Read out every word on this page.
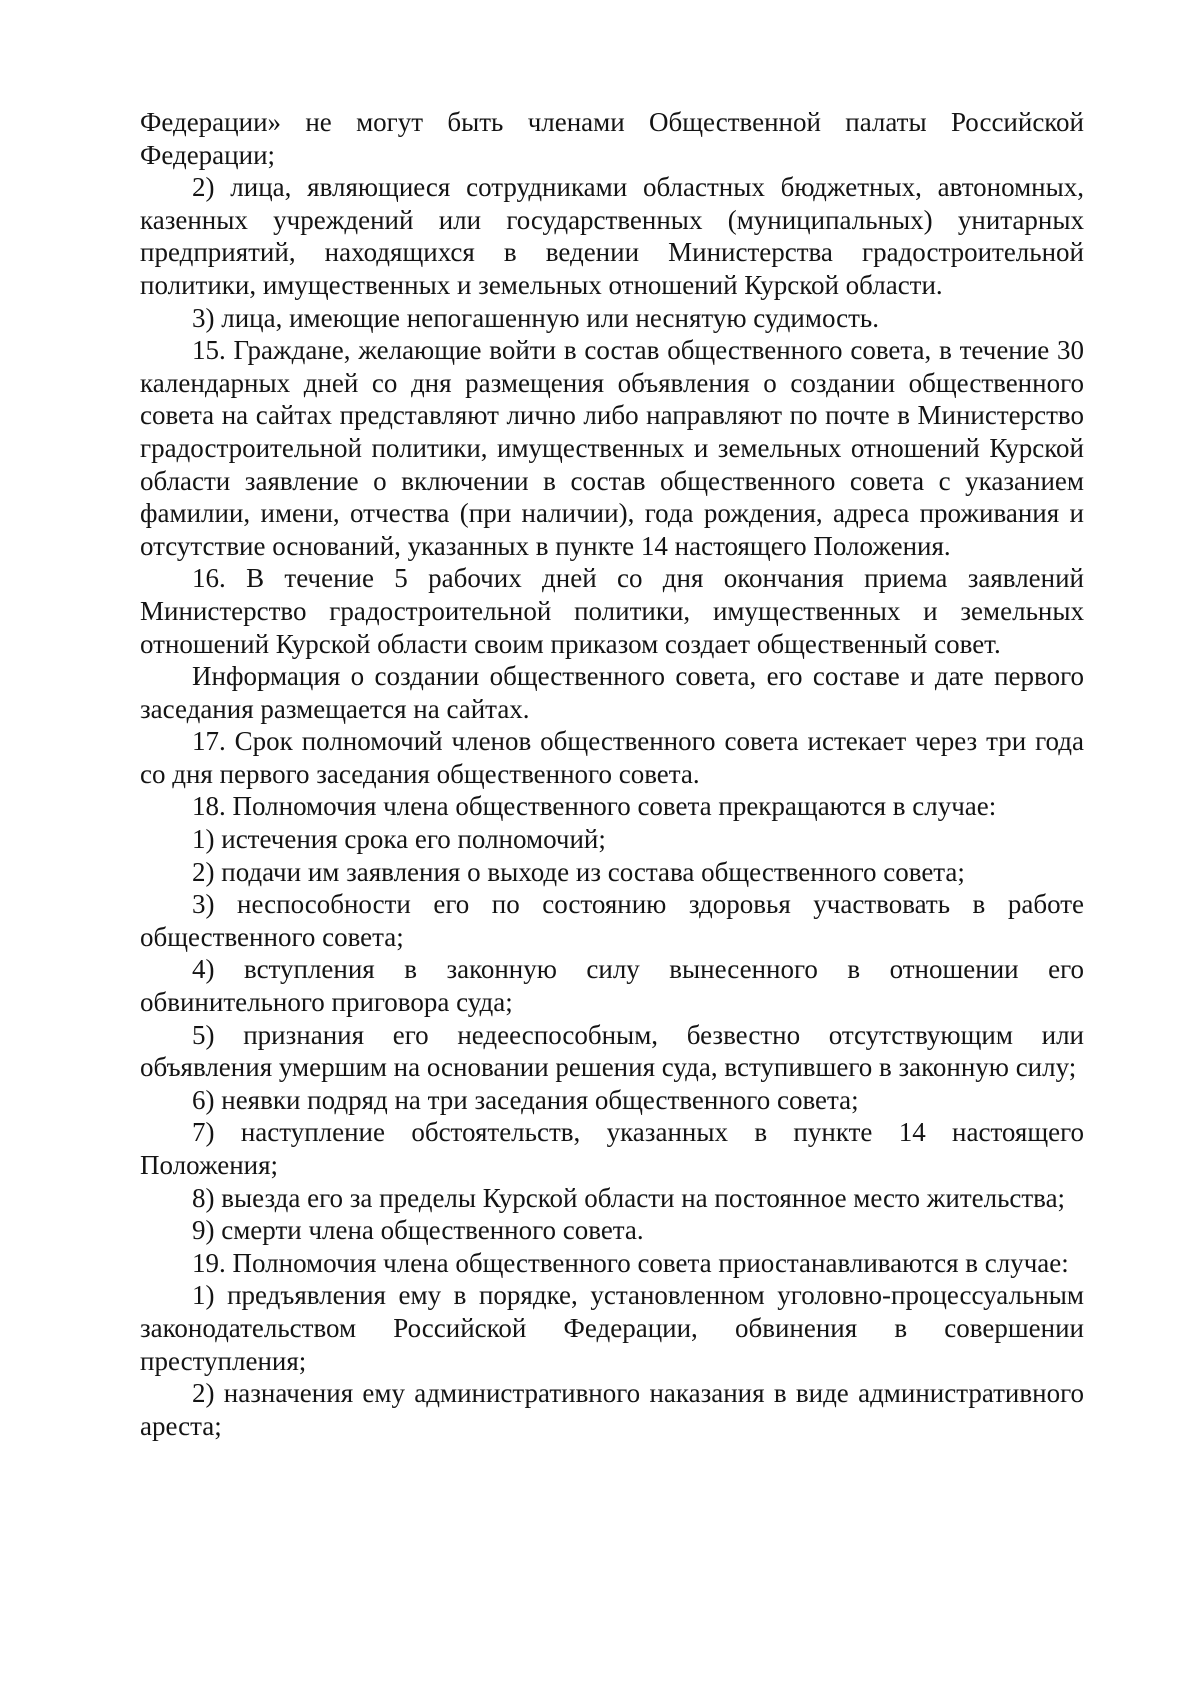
Федерации» не могут быть членами Общественной палаты Российской Федерации;

2) лица, являющиеся сотрудниками областных бюджетных, автономных, казенных учреждений или государственных (муниципальных) унитарных предприятий, находящихся в ведении Министерства градостроительной политики, имущественных и земельных отношений Курской области.

3) лица, имеющие непогашенную или неснятую судимость.

15. Граждане, желающие войти в состав общественного совета, в течение 30 календарных дней со дня размещения объявления о создании общественного совета на сайтах представляют лично либо направляют по почте в Министерство градостроительной политики, имущественных и земельных отношений Курской области заявление о включении в состав общественного совета с указанием фамилии, имени, отчества (при наличии), года рождения, адреса проживания и отсутствие оснований, указанных в пункте 14 настоящего Положения.

16. В течение 5 рабочих дней со дня окончания приема заявлений Министерство градостроительной политики, имущественных и земельных отношений Курской области своим приказом создает общественный совет.

Информация о создании общественного совета, его составе и дате первого заседания размещается на сайтах.

17. Срок полномочий членов общественного совета истекает через три года со дня первого заседания общественного совета.

18. Полномочия члена общественного совета прекращаются в случае:

1) истечения срока его полномочий;

2) подачи им заявления о выходе из состава общественного совета;

3) неспособности его по состоянию здоровья участвовать в работе общественного совета;

4) вступления в законную силу вынесенного в отношении его обвинительного приговора суда;

5) признания его недееспособным, безвестно отсутствующим или объявления умершим на основании решения суда, вступившего в законную силу;

6) неявки подряд на три заседания общественного совета;

7) наступление обстоятельств, указанных в пункте 14 настоящего Положения;

8) выезда его за пределы Курской области на постоянное место жительства;

9) смерти члена общественного совета.

19. Полномочия члена общественного совета приостанавливаются в случае:

1) предъявления ему в порядке, установленном уголовно-процессуальным законодательством Российской Федерации, обвинения в совершении преступления;

2) назначения ему административного наказания в виде административного ареста;
